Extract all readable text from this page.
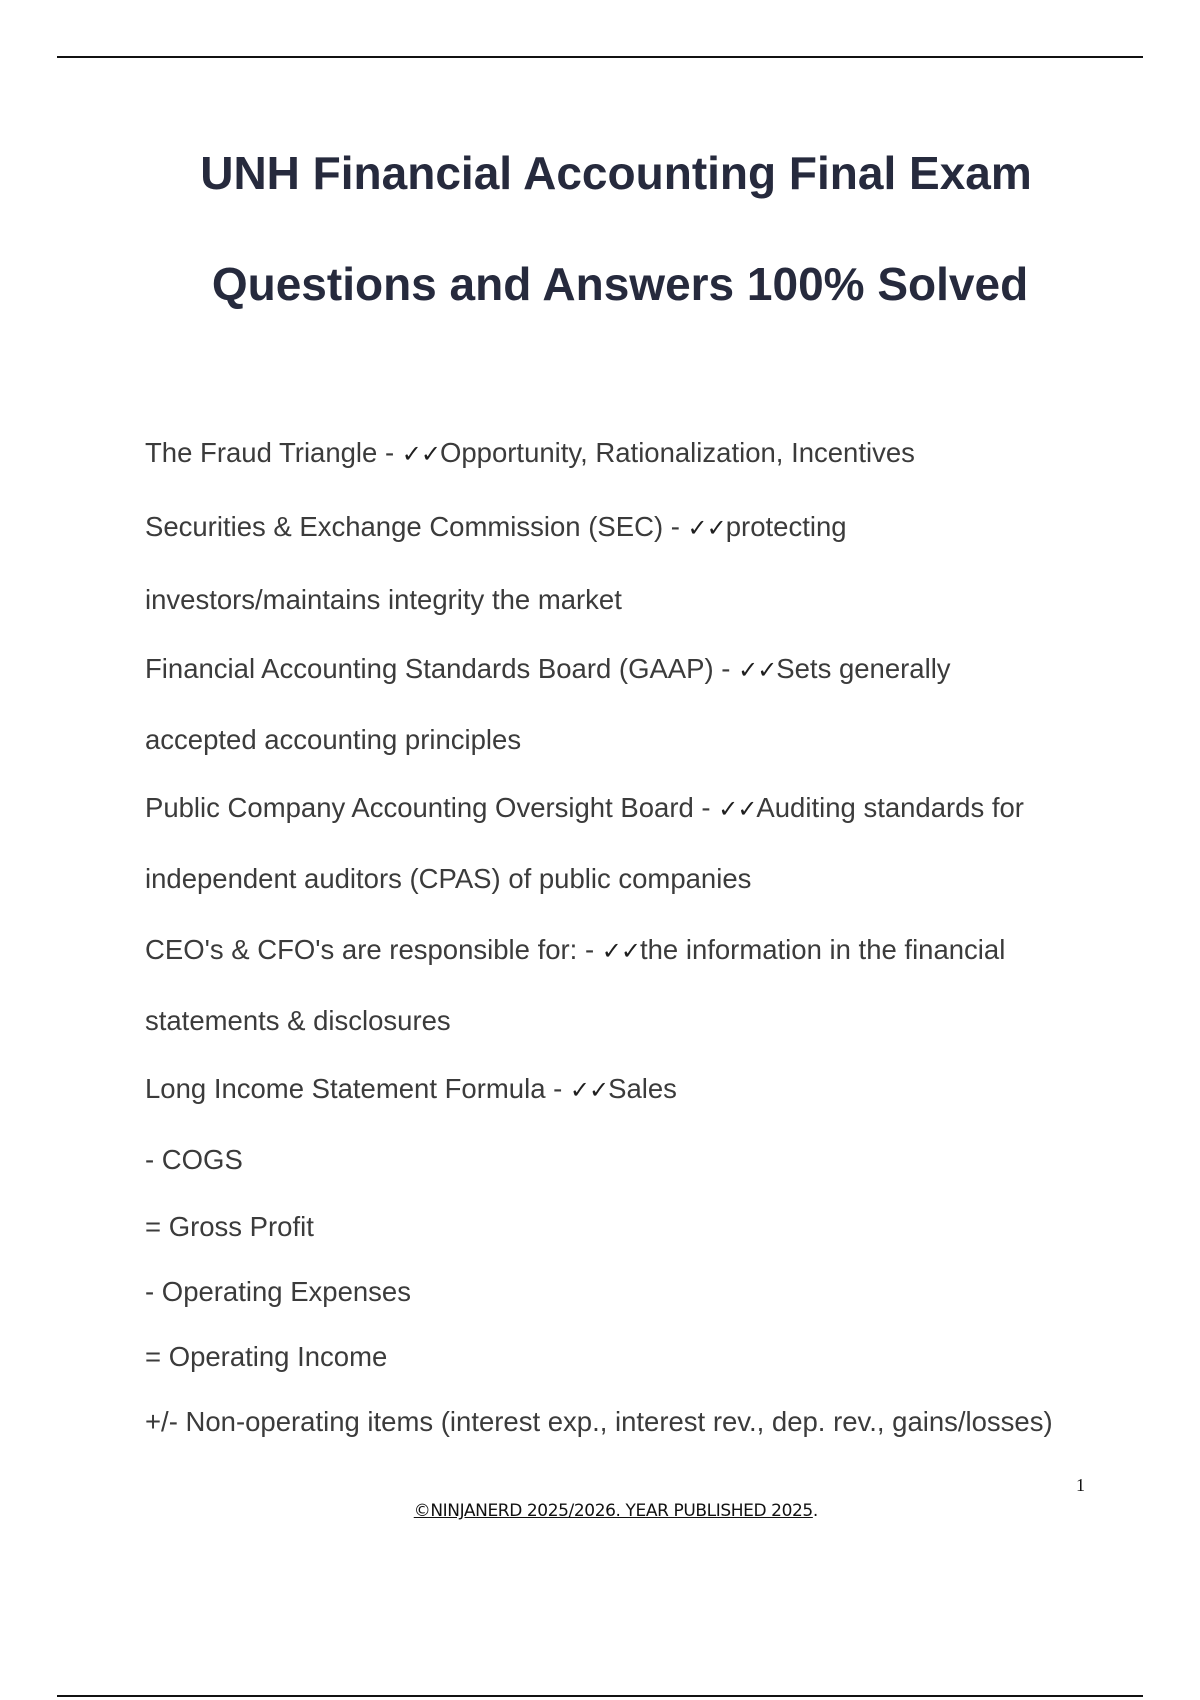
UNH Financial Accounting Final Exam
Questions and Answers 100% Solved

The Fraud Triangle - ✓✓Opportunity, Rationalization, Incentives

Securities & Exchange Commission (SEC) - ✓✓protecting

investors/maintains integrity the market

Financial Accounting Standards Board (GAAP) - ✓✓Sets generally

accepted accounting principles

Public Company Accounting Oversight Board - ✓✓Auditing standards for

independent auditors (CPAS) of public companies

CEO's & CFO's are responsible for: - ✓✓the information in the financial

statements & disclosures

Long Income Statement Formula - ✓✓Sales

- COGS

= Gross Profit

- Operating Expenses

= Operating Income

+/- Non-operating items (interest exp., interest rev., dep. rev., gains/losses)

1
©NINJANERD 2025/2026. YEAR PUBLISHED 2025.
